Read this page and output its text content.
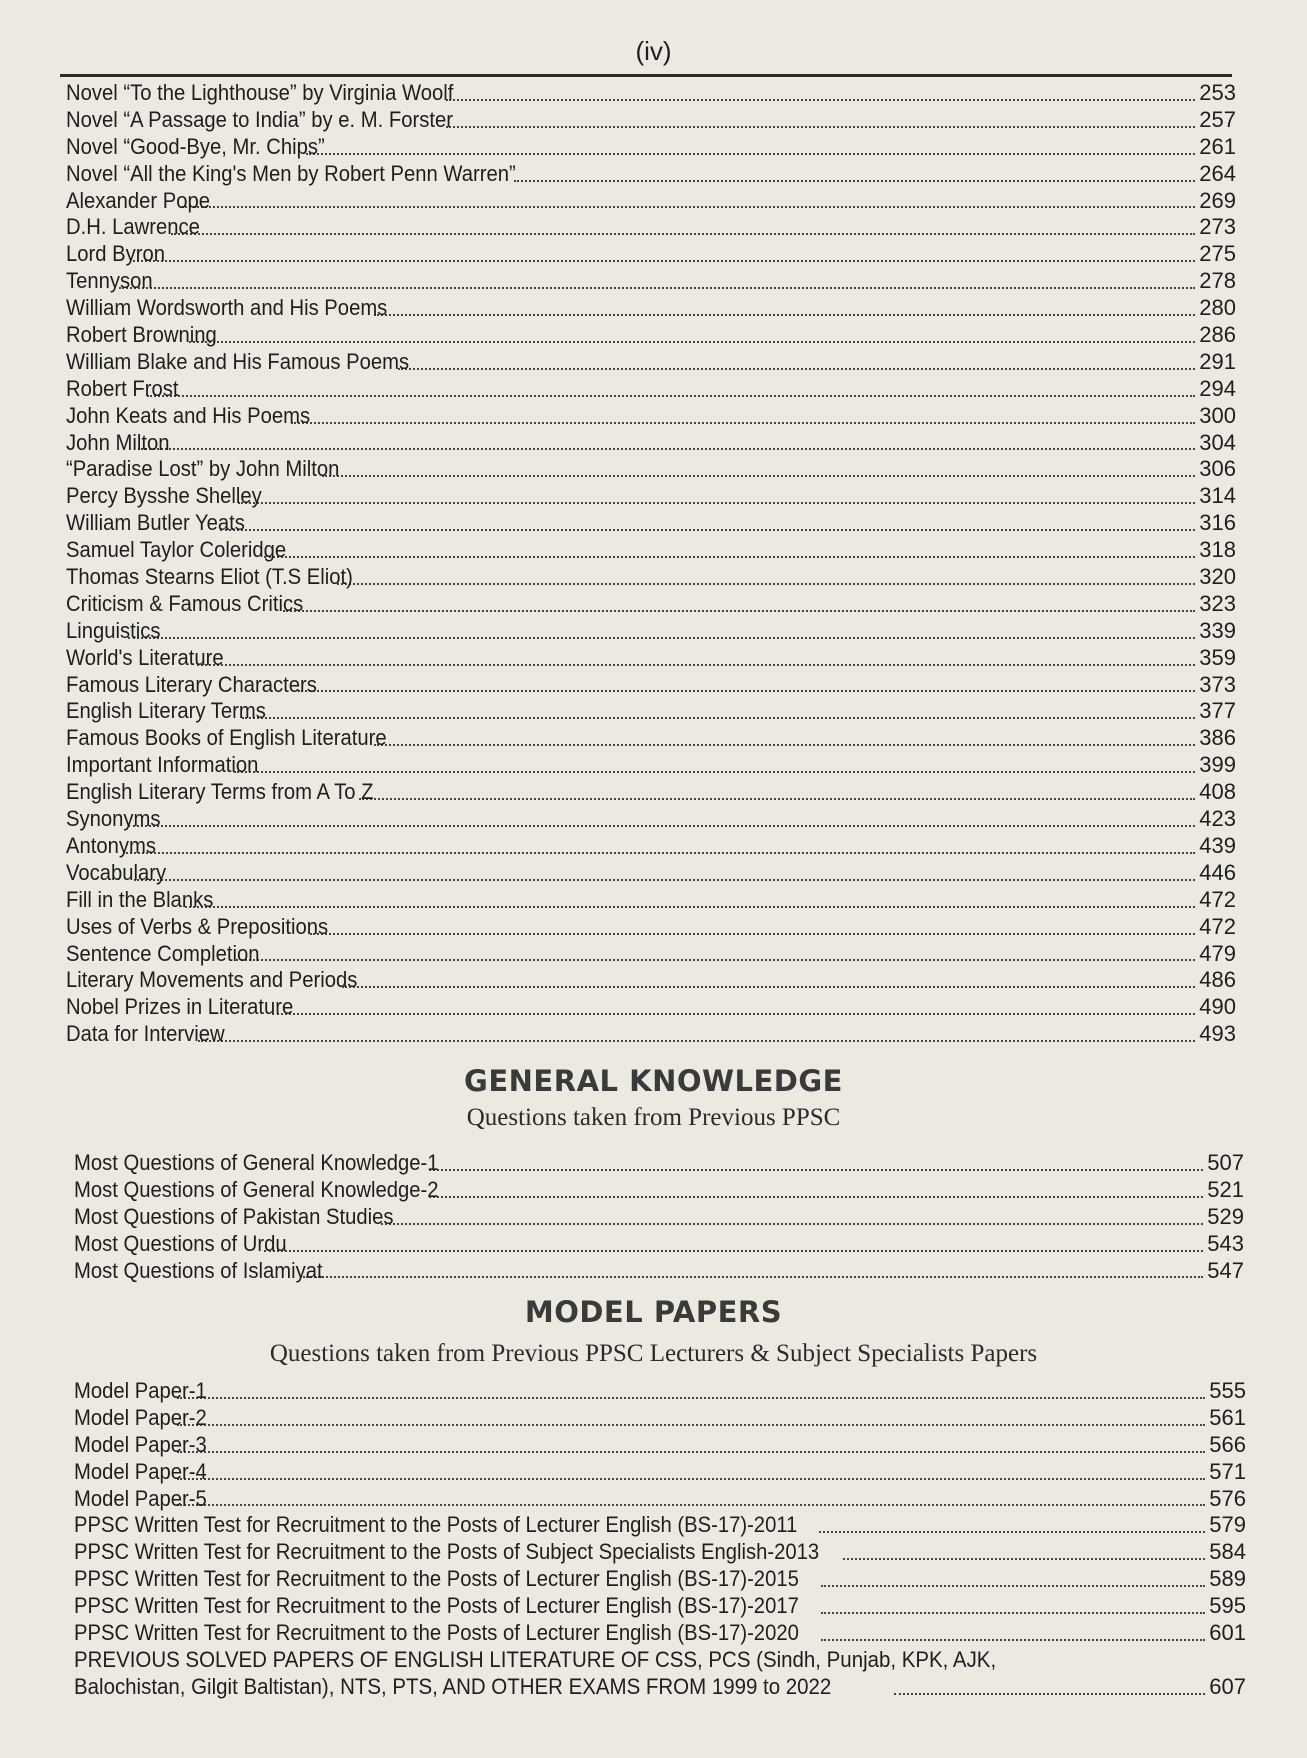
(iv)
Novel “To the Lighthouse” by Virginia Woolf	253
Novel “A Passage to India” by e. M. Forster	257
Novel “Good-Bye, Mr. Chips”	261
Novel “All the King's Men by Robert Penn Warren”	264
Alexander Pope	269
D.H. Lawrence	273
Lord Byron	275
Tennyson	278
William Wordsworth and His Poems	280
Robert Browning	286
William Blake and His Famous Poems	291
Robert Frost	294
John Keats and His Poems	300
John Milton	304
“Paradise Lost” by John Milton	306
Percy Bysshe Shelley	314
William Butler Yeats	316
Samuel Taylor Coleridge	318
Thomas Stearns Eliot (T.S Eliot)	320
Criticism & Famous Critics	323
Linguistics	339
World's Literature	359
Famous Literary Characters	373
English Literary Terms	377
Famous Books of English Literature	386
Important Information	399
English Literary Terms from A To Z	408
Synonyms	423
Antonyms	439
Vocabulary	446
Fill in the Blanks	472
Uses of Verbs & Prepositions	472
Sentence Completion	479
Literary Movements and Periods	486
Nobel Prizes in Literature	490
Data for Interview	493
GENERAL KNOWLEDGE
Questions taken from Previous PPSC
Most Questions of General Knowledge-1	507
Most Questions of General Knowledge-2	521
Most Questions of Pakistan Studies	529
Most Questions of Urdu	543
Most Questions of Islamiyat	547
MODEL PAPERS
Questions taken from Previous PPSC Lecturers & Subject Specialists Papers
Model Paper-1	555
Model Paper-2	561
Model Paper-3	566
Model Paper-4	571
Model Paper-5	576
PPSC Written Test for Recruitment to the Posts of Lecturer English (BS-17)-2011	579
PPSC Written Test for Recruitment to the Posts of Subject Specialists English-2013	584
PPSC Written Test for Recruitment to the Posts of Lecturer English (BS-17)-2015	589
PPSC Written Test for Recruitment to the Posts of Lecturer English (BS-17)-2017	595
PPSC Written Test for Recruitment to the Posts of Lecturer English (BS-17)-2020	601
PREVIOUS SOLVED PAPERS OF ENGLISH LITERATURE OF CSS, PCS (Sindh, Punjab, KPK, AJK,
Balochistan, Gilgit Baltistan), NTS, PTS, AND OTHER EXAMS FROM 1999 to 2022	607
